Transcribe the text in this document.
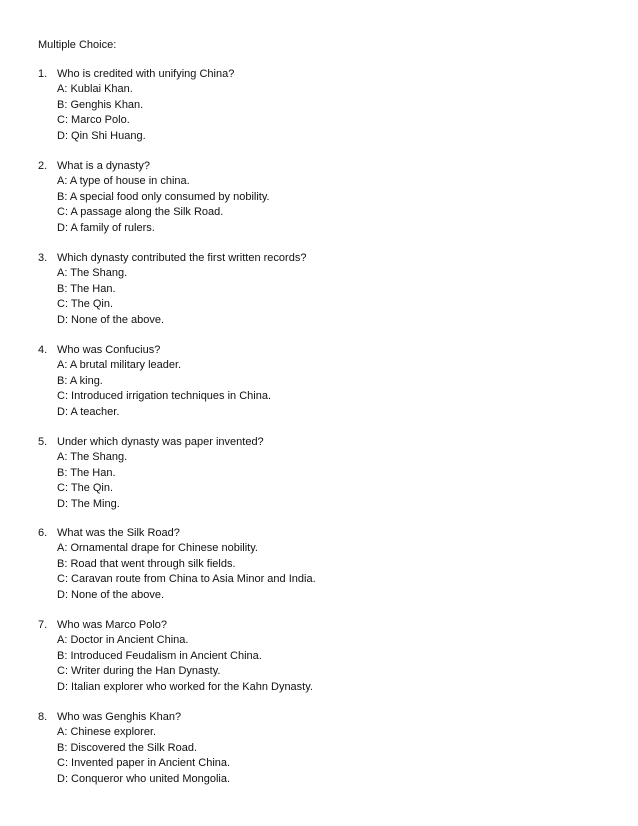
Multiple Choice:
1. Who is credited with unifying China?
A: Kublai Khan.
B: Genghis Khan.
C: Marco Polo.
D: Qin Shi Huang.
2. What is a dynasty?
A: A type of house in china.
B: A special food only consumed by nobility.
C: A passage along the Silk Road.
D: A family of rulers.
3. Which dynasty contributed the first written records?
A: The Shang.
B: The Han.
C: The Qin.
D: None of the above.
4. Who was Confucius?
A: A brutal military leader.
B: A king.
C: Introduced irrigation techniques in China.
D: A teacher.
5. Under which dynasty was paper invented?
A: The Shang.
B: The Han.
C: The Qin.
D: The Ming.
6. What was the Silk Road?
A: Ornamental drape for Chinese nobility.
B: Road that went through silk fields.
C: Caravan route from China to Asia Minor and India.
D: None of the above.
7. Who was Marco Polo?
A: Doctor in Ancient China.
B: Introduced Feudalism in Ancient China.
C: Writer during the Han Dynasty.
D: Italian explorer who worked for the Kahn Dynasty.
8. Who was Genghis Khan?
A: Chinese explorer.
B: Discovered the Silk Road.
C: Invented paper in Ancient China.
D: Conqueror who united Mongolia.
